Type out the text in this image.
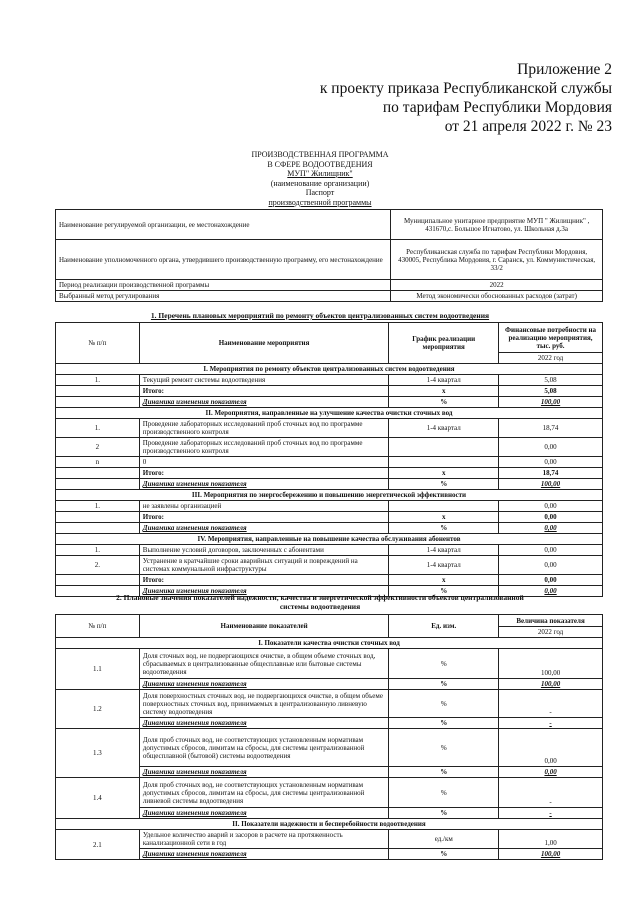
Приложение 2
к проекту приказа Республиканской службы
по тарифам Республики Мордовия
от 21 апреля 2022 г. № 23
ПРОИЗВОДСТВЕННАЯ ПРОГРАММА
В СФЕРЕ ВОДООТВЕДЕНИЯ
МУП" Жилищник"
(наименование организации)
Паспорт
производственной программы
Наименование регулируемой организации, ее местонахождение	Муниципальное унитарное предприятие МУП " Жилищник" , 431670,с. Большое Игнатово, ул. Школьная д.3а
Наименование уполномоченного органа, утвердившего производственную программу, его местонахождение	Республиканская служба по тарифам Республики Мордовия, 430005, Республика Мордовия, г. Саранск, ул. Коммунистическая, 33/2
Период реализации производственной программы	2022
Выбранный метод регулирования	Метод экономически обоснованных расходов (затрат)
1. Перечень плановых мероприятий по ремонту объектов централизованных систем водоотведения
№ п/п	Наименование мероприятия	График реализации мероприятия	Финансовые потребности на реализацию мероприятия, тыс. руб.
			2022 год
I. Мероприятия по ремонту объектов централизованных систем водоотведения			
1.	Текущий ремонт системы водоотведения	1-4 квартал	5,08
	Итого:	х	5,08
	Динамика изменения показателя	%	100,00
II. Мероприятия, направленные на улучшение качества очистки сточных вод			
1.	Проведение лабораторных исследований проб сточных вод по программе производственного контроля	1-4 квартал	18,74
2	Проведение лабораторных исследований проб сточных вод по программе производственного контроля		0,00
n	0		0,00
	Итого:	х	18,74
	Динамика изменения показателя	%	100,00
III. Мероприятия по энергосбережению и повышению энергетической эффективности			
1.	не заявлены организацией		0,00
	Итого:	х	0,00
	Динамика изменения показателя	%	0,00
IV. Мероприятия, направленные на повышение качества обслуживания абонентов			
1.	Выполнение условий договоров, заключенных с абонентами	1-4 квартал	0,00
2.	Устранение в кратчайшие сроки аварийных ситуаций и повреждений на системах коммунальной инфраструктуры	1-4 квартал	0,00
	Итого:	х	0,00
	Динамика изменения показателя	%	0,00
2. Плановые значения показателей надежности, качества и энергетической эффективности объектов централизованной
системы водоотведения
№ п/п	Наименование показателей	Ед. изм.	Величина показателя
			2022 год
I. Показатели качества очистки сточных вод			
1.1	Доля сточных вод, не подвергающихся очистке, в общем объеме сточных вод, сбрасываемых в централизованные общесплавные или бытовые системы водоотведения	%	100,00
	Динамика изменения показателя	%	100,00
1.2	Доля поверхностных сточных вод, не подвергающихся очистке, в общем объеме поверхностных сточных вод, принимаемых в централизованную ливневую систему водоотведения	%	-
	Динамика изменения показателя	%	-
1.3	Доля проб сточных вод, не соответствующих установленным нормативам допустимых сбросов, лимитам на сбросы, для системы централизованной общесплавной (бытовой) системы водоотведения	%	0,00
	Динамика изменения показателя	%	0,00
1.4	Доля проб сточных вод, не соответствующих установленным нормативам допустимых сбросов, лимитам на сбросы, для системы централизованной ливневой системы водоотведения	%	-
	Динамика изменения показателя	%	-
II. Показатели надежности и бесперебойности водоотведения			
2.1	Удельное количество аварий и засоров в расчете на протяженность канализационной сети в год	ед./км	1,00
	Динамика изменения показателя	%	100,00
